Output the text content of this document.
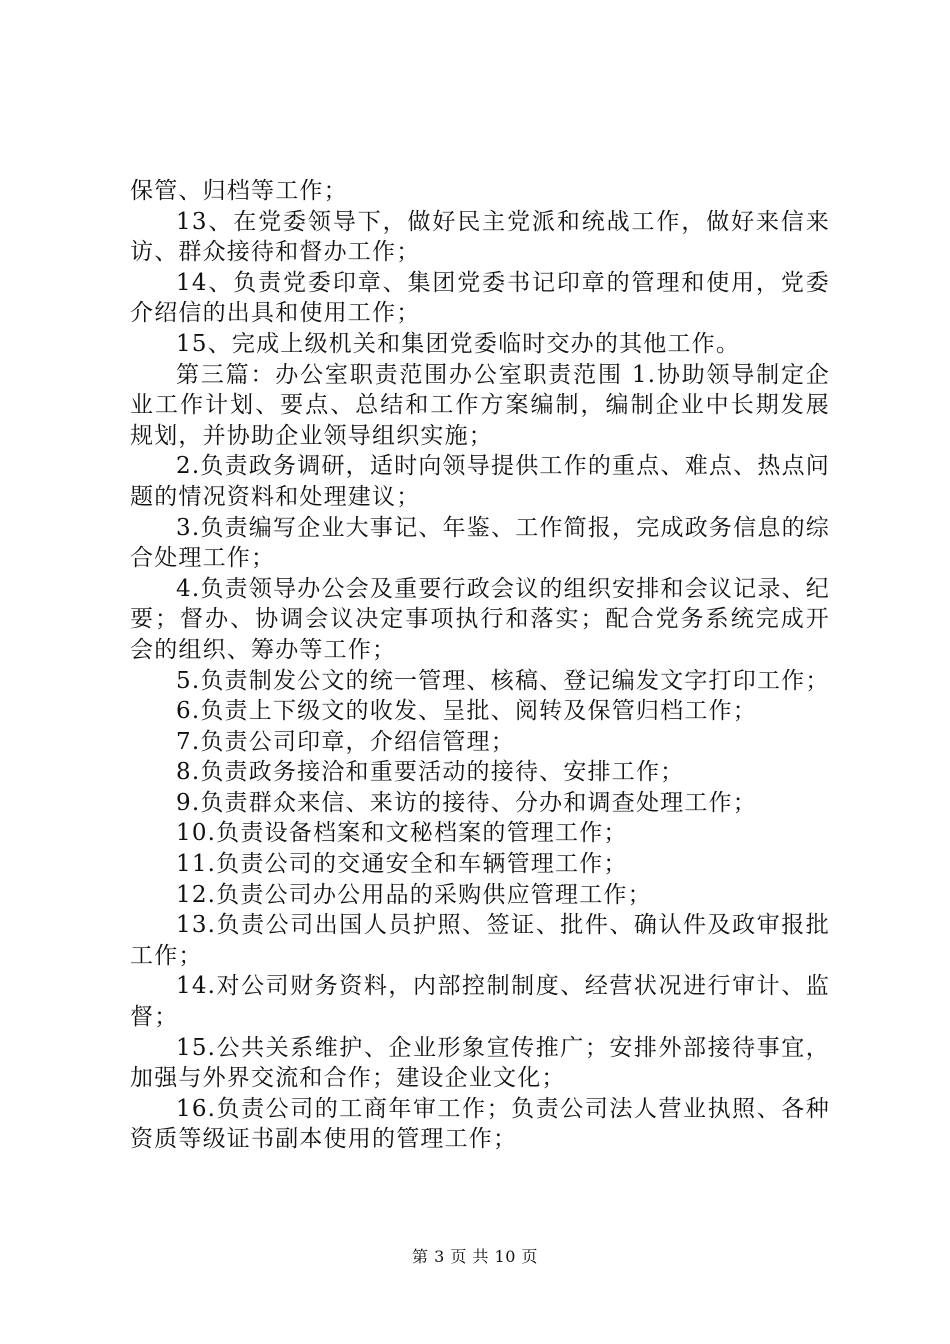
保管、归档等工作；

13、在党委领导下，做好民主党派和统战工作，做好来信来访、群众接待和督办工作；

14、负责党委印章、集团党委书记印章的管理和使用，党委介绍信的出具和使用工作；

15、完成上级机关和集团党委临时交办的其他工作。

第三篇：办公室职责范围办公室职责范围 1.协助领导制定企业工作计划、要点、总结和工作方案编制，编制企业中长期发展规划，并协助企业领导组织实施；

2.负责政务调研，适时向领导提供工作的重点、难点、热点问题的情况资料和处理建议；

3.负责编写企业大事记、年鉴、工作简报，完成政务信息的综合处理工作；

4.负责领导办公会及重要行政会议的组织安排和会议记录、纪要；督办、协调会议决定事项执行和落实；配合党务系统完成开会的组织、筹办等工作；

5.负责制发公文的统一管理、核稿、登记编发文字打印工作；

6.负责上下级文的收发、呈批、阅转及保管归档工作；

7.负责公司印章，介绍信管理；

8.负责政务接洽和重要活动的接待、安排工作；

9.负责群众来信、来访的接待、分办和调查处理工作；

10.负责设备档案和文秘档案的管理工作；

11.负责公司的交通安全和车辆管理工作；

12.负责公司办公用品的采购供应管理工作；

13.负责公司出国人员护照、签证、批件、确认件及政审报批工作；

14.对公司财务资料，内部控制制度、经营状况进行审计、监督；

15.公共关系维护、企业形象宣传推广；安排外部接待事宜，加强与外界交流和合作；建设企业文化；

16.负责公司的工商年审工作；负责公司法人营业执照、各种资质等级证书副本使用的管理工作；

第 3 页 共 10 页
